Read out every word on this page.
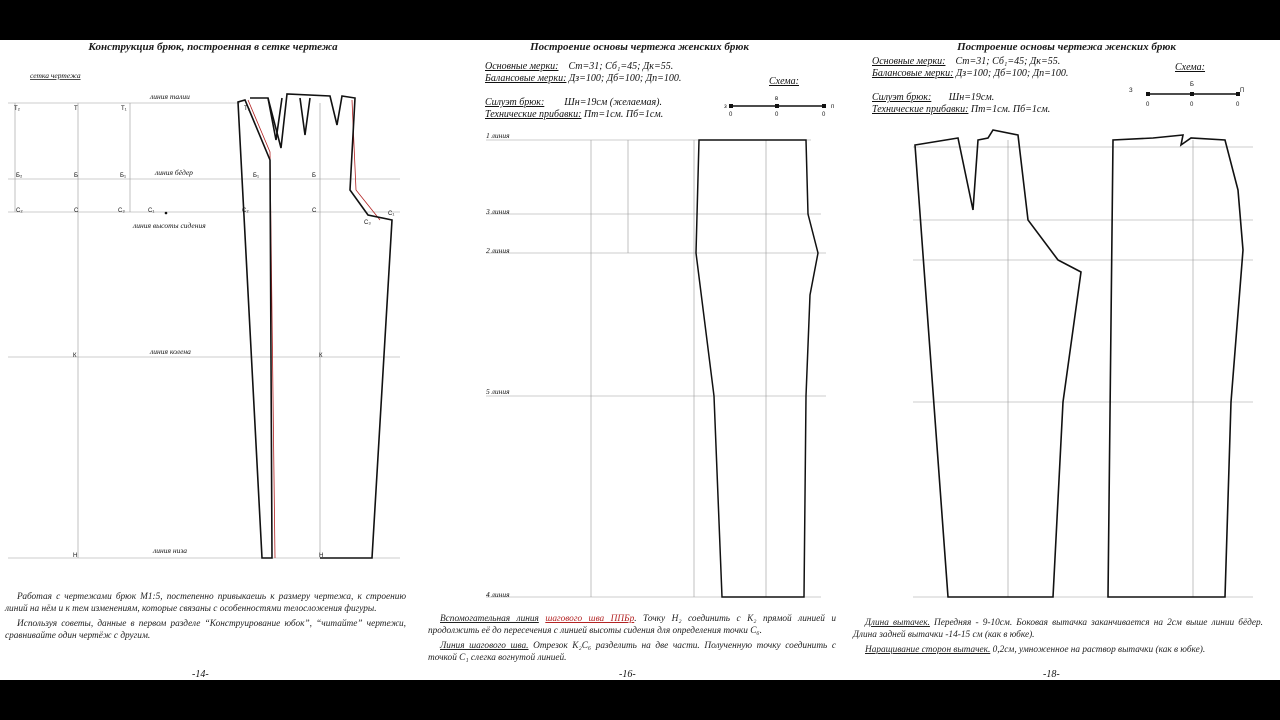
Конструкция брюк, построенная в сетке чертежа
T₂	T	T₁
Б₂	Б	Б₁
C₂	C	C₃	C₁
К
Н
T₃
Б₁
C₂
Б
C
К
Н
C₁
C₃
линия талии
линия бёдер
линия высоты сидения
линия колена
линия низа
сетка чертежа

Работая с чертежами брюк М1:5, постепенно привыкаешь к размеру чертежа, к строению линий на нём и к тем изменениям, которые связаны с особенностями телосложения фигуры.

Используя советы, данные в первом разделе “Конструирование юбок”, “читайте” чертежи, сравнивайте один чертёж с другим.

-14-
Построение основы чертежа женских брюк
Основные мерки: Ст=31; Сб₁=45; Дк=55.
Балансовые мерки: Дз=100; Дб=100; Дп=100.
Силуэт брюк: Шн=19см (желаемая).
Технические прибавки: Пт=1см. Пб=1см.
Схема:
з
в
п
0	0	0
1 линия
3 линия
2 линия
5 линия
4 линия

Вспомогательная линия шагового шва ППБр. Точку Н₂ соединить с К₂ прямой линией и продолжить её до пересечения с линией высоты сидения для определения точки С₆.

Линия шагового шва. Отрезок К₂С₆ разделить на две части. Полученную точку соединить с точкой С₁ слегка вогнутой линией.

-16-
Построение основы чертежа женских брюк
Основные мерки: Ст=31; Сб₁=45; Дк=55.
Балансовые мерки: Дз=100; Дб=100; Дп=100.
Силуэт брюк: Шн=19см.
Технические прибавки: Пт=1см. Пб=1см.
Схема:
З
Б
П
0	0	0

Длина вытачек. Передняя - 9-10см. Боковая вытачка заканчивается на 2см выше линии бёдер. Длина задней вытачки -14-15 см (как в юбке).

Наращивание сторон вытачек. 0,2см, умноженное на раствор вытачки (как в юбке).

-18-
